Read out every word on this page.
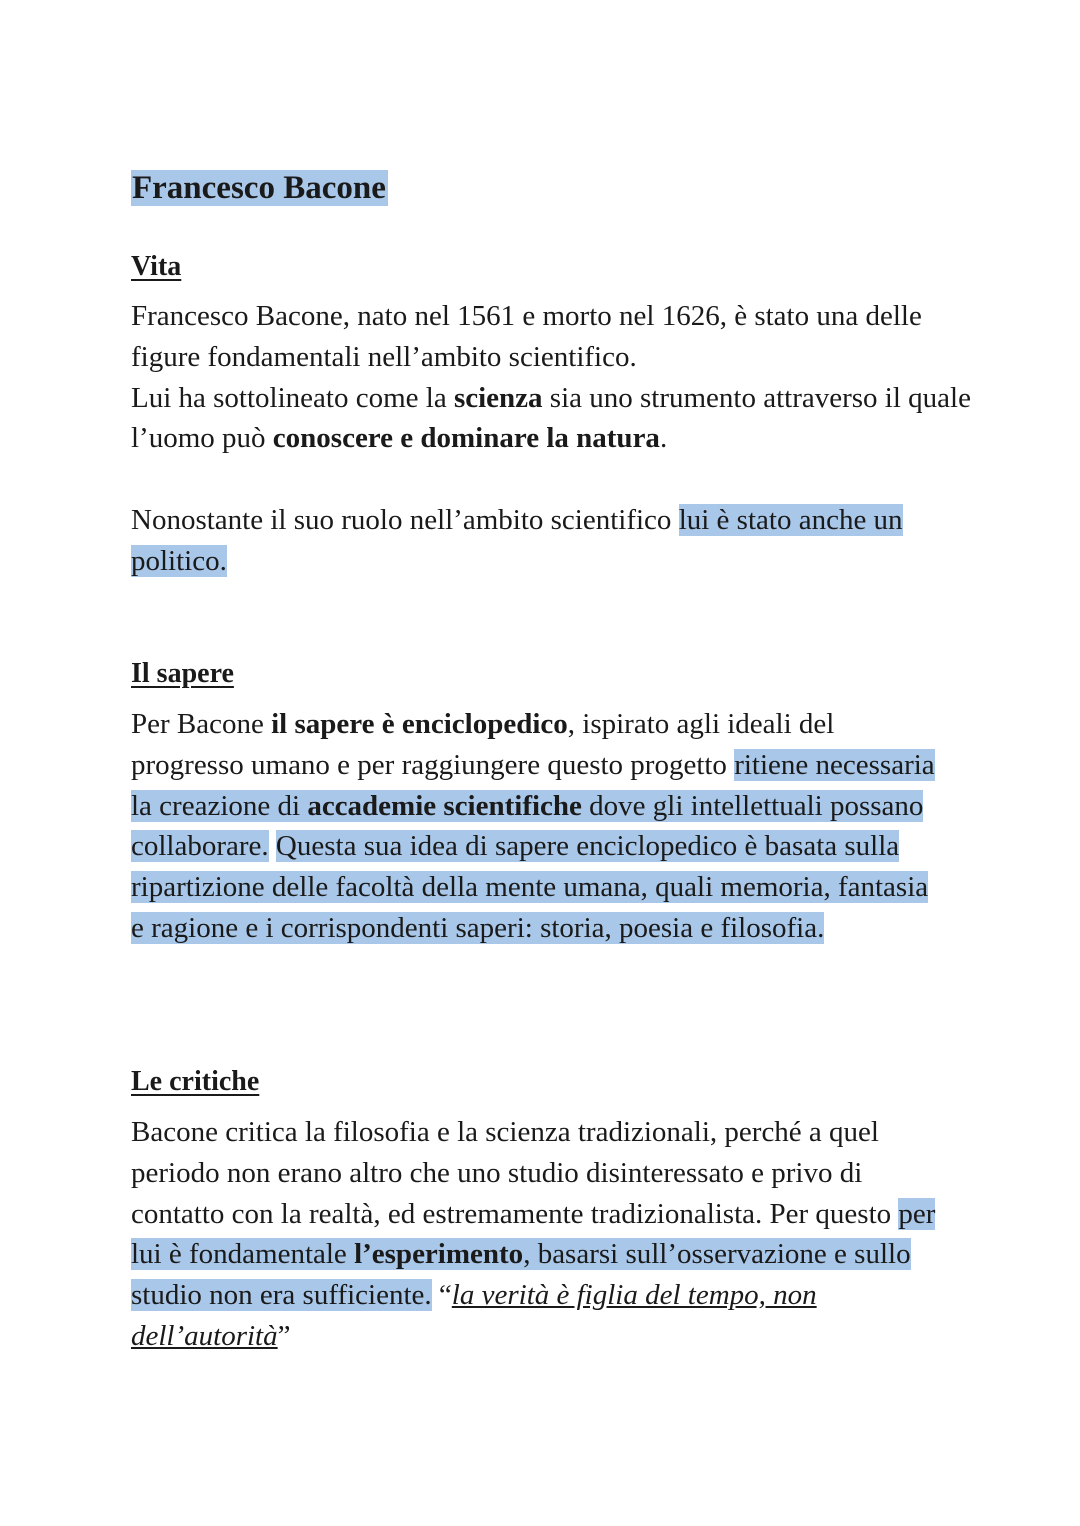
Francesco Bacone
Vita

Francesco Bacone, nato nel 1561 e morto nel 1626, è stato una delle figure fondamentali nell’ambito scientifico.
Lui ha sottolineato come la scienza sia uno strumento attraverso il quale l’uomo può conoscere e dominare la natura.

Nonostante il suo ruolo nell’ambito scientifico lui è stato anche un politico.

Il sapere

Per Bacone il sapere è enciclopedico, ispirato agli ideali del progresso umano e per raggiungere questo progetto ritiene necessaria la creazione di accademie scientifiche dove gli intellettuali possano collaborare. Questa sua idea di sapere enciclopedico è basata sulla ripartizione delle facoltà della mente umana, quali memoria, fantasia e ragione e i corrispondenti saperi: storia, poesia e filosofia.

Le critiche

Bacone critica la filosofia e la scienza tradizionali, perché a quel periodo non erano altro che uno studio disinteressato e privo di contatto con la realtà, ed estremamente tradizionalista. Per questo per lui è fondamentale l’esperimento, basarsi sull’osservazione e sullo studio non era sufficiente. “la verità è figlia del tempo, non dell’autorità”
